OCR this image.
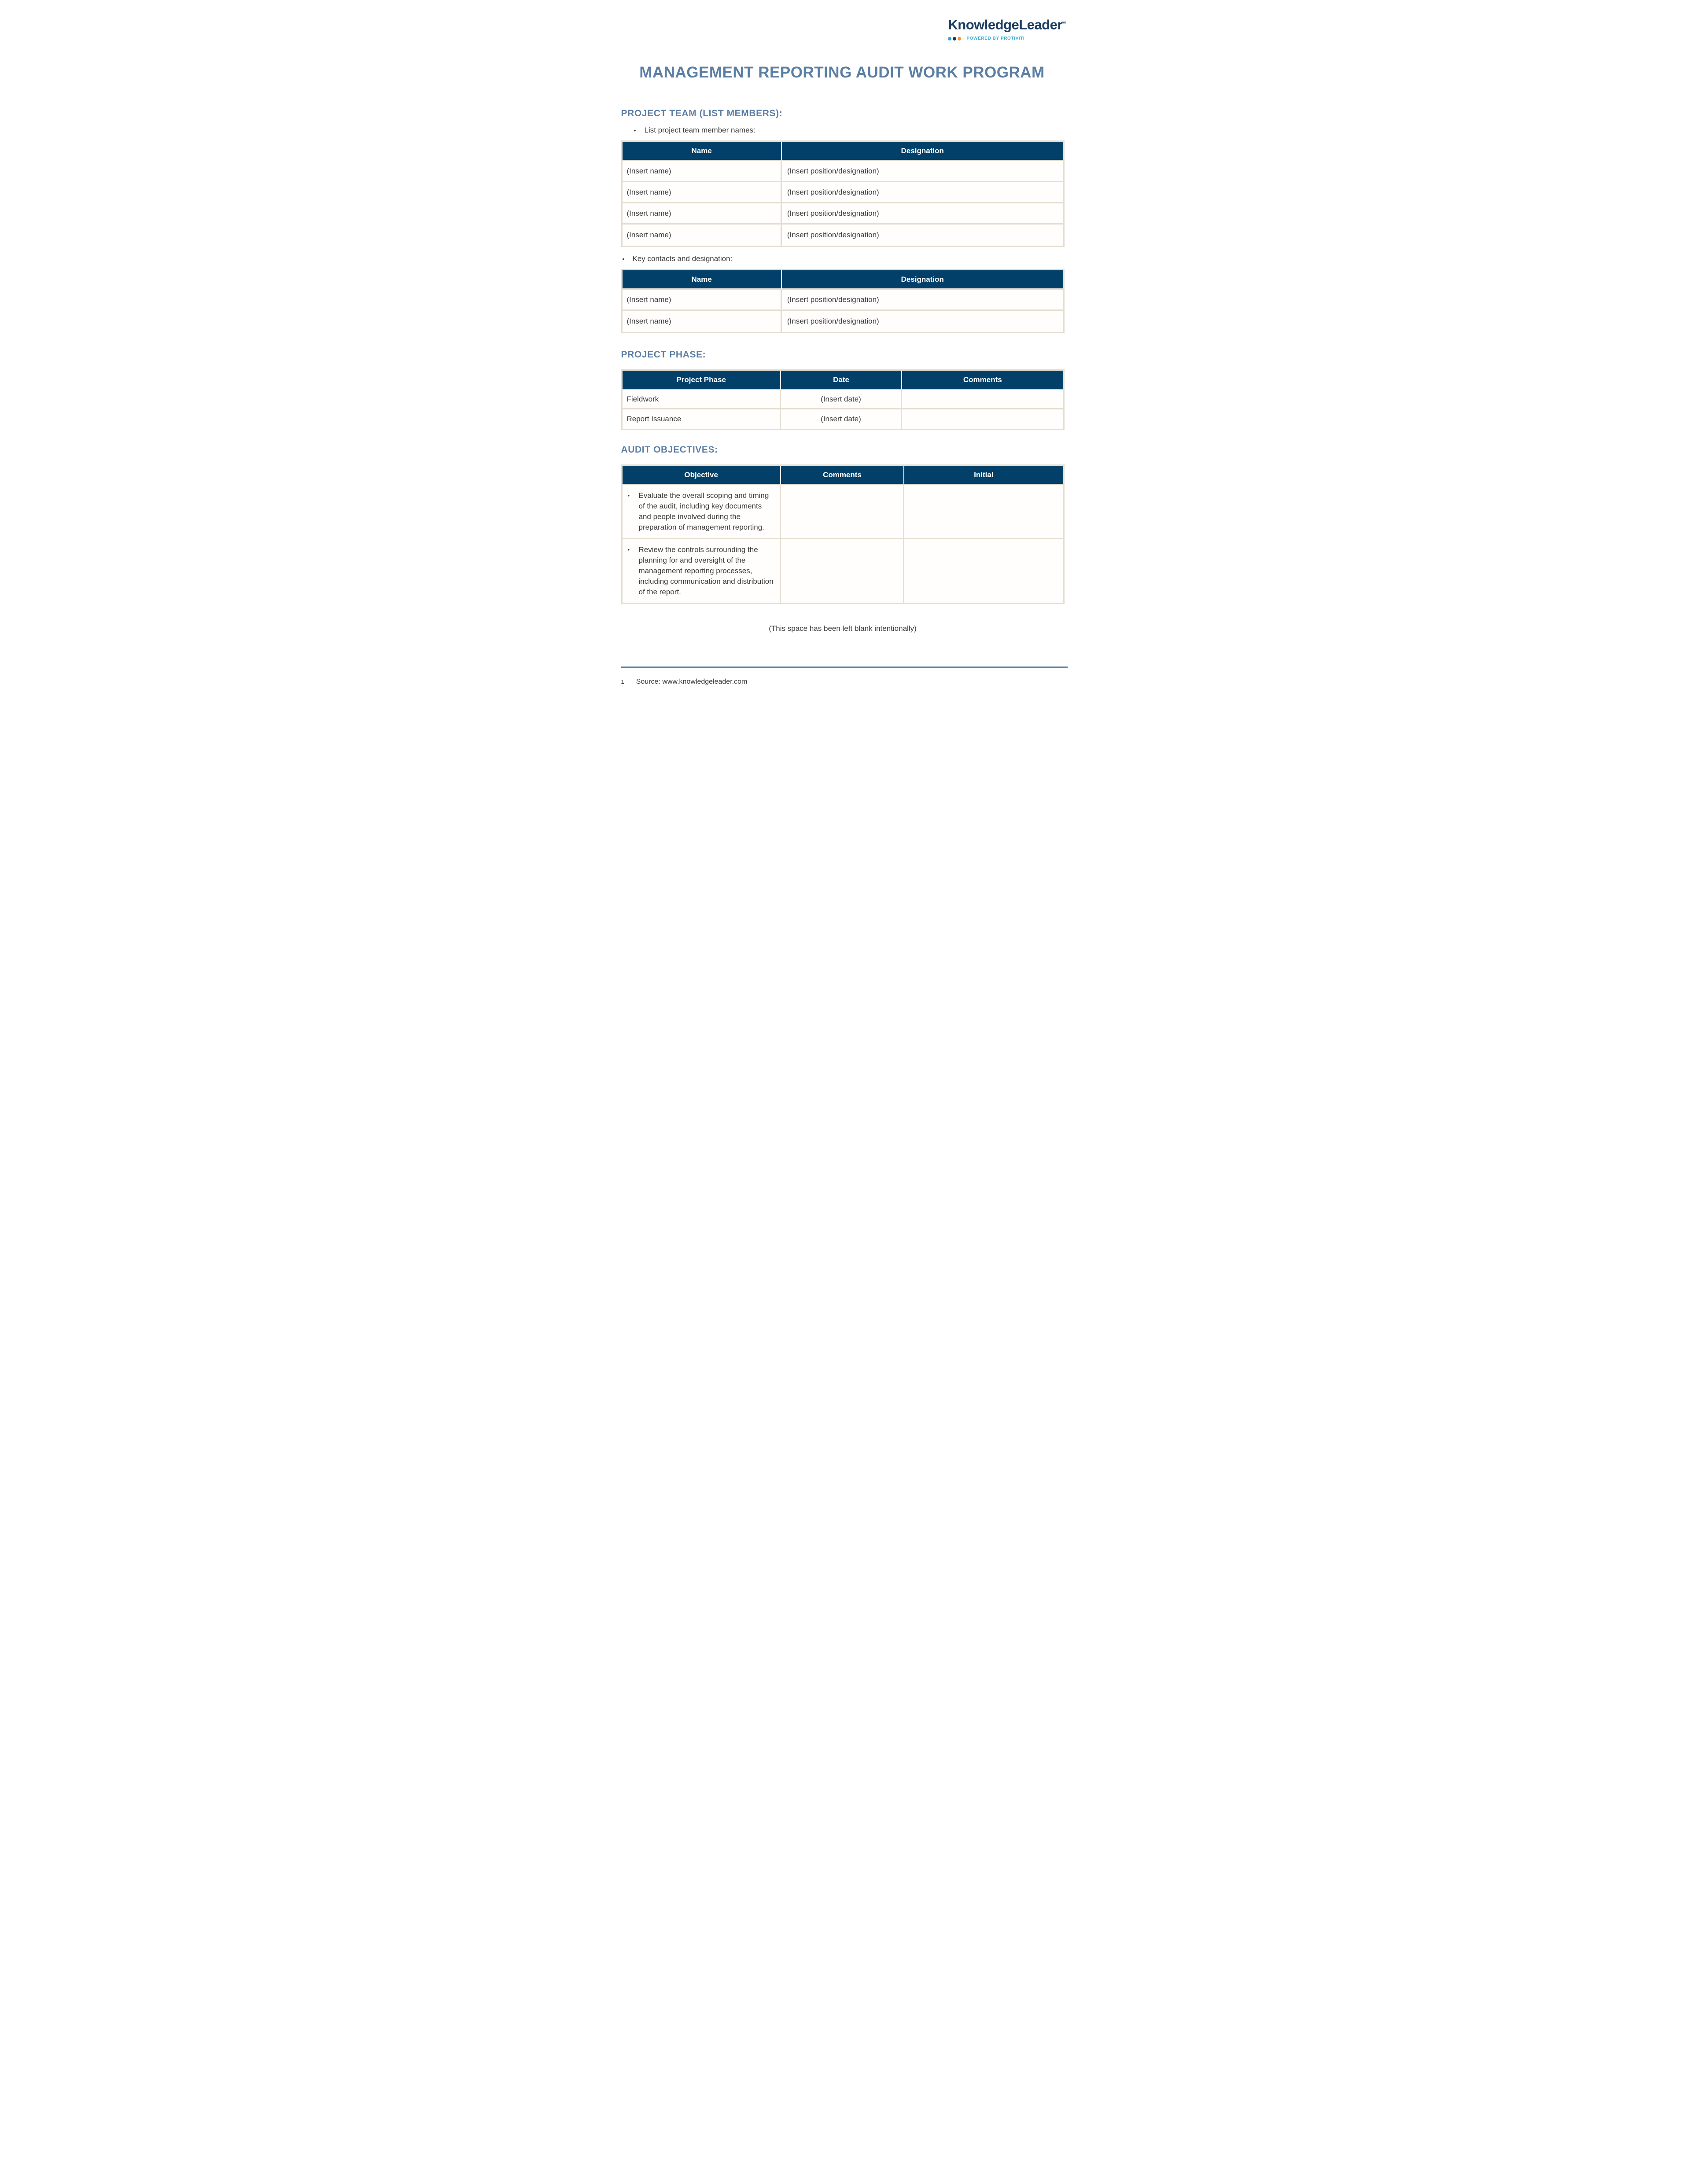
KnowledgeLeader®
POWERED BY PROTIVITI
MANAGEMENT REPORTING AUDIT WORK PROGRAM
PROJECT TEAM (LIST MEMBERS):
•	List project team member names:
Name	Designation
(Insert name)	(Insert position/designation)
(Insert name)	(Insert position/designation)
(Insert name)	(Insert position/designation)
(Insert name)	(Insert position/designation)
•	Key contacts and designation:
Name	Designation
(Insert name)	(Insert position/designation)
(Insert name)	(Insert position/designation)
PROJECT PHASE:
Project Phase	Date	Comments
Fieldwork	(Insert date)	
Report Issuance	(Insert date)	
AUDIT OBJECTIVES:
Objective	Comments	Initial

• Evaluate the overall scoping and timing of the audit, including key documents and people involved during the preparation of management reporting.		

• Review the controls surrounding the planning for and oversight of the management reporting processes, including communication and distribution of the report.		

(This space has been left blank intentionally)
1 Source: www.knowledgeleader.com
